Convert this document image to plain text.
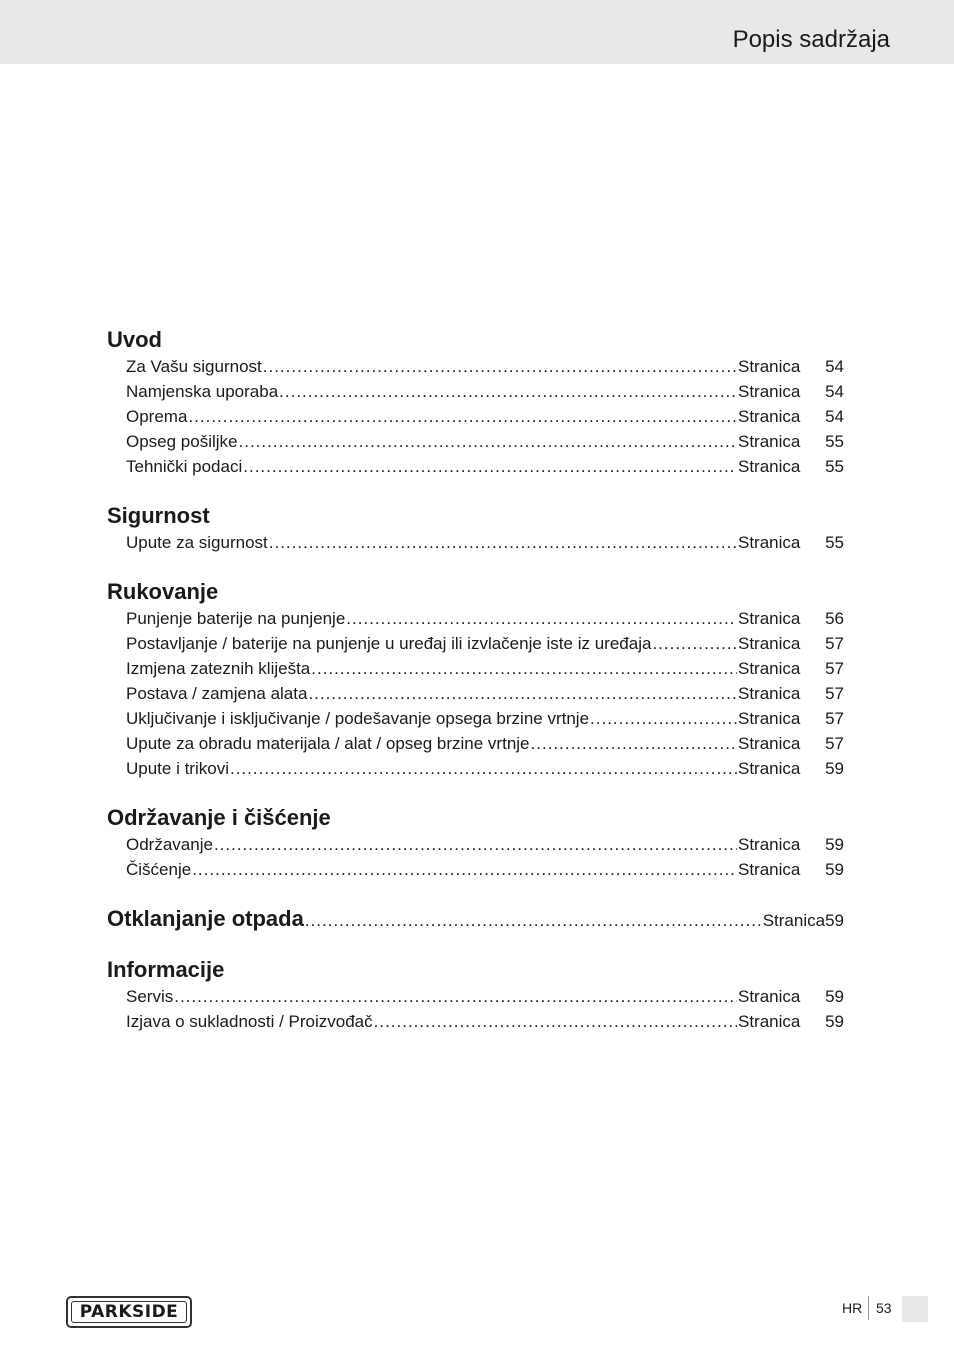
Popis sadržaja
Uvod
Za Vašu sigurnost .....	Stranica	54
Namjenska uporaba .....	Stranica	54
Oprema .....	Stranica	54
Opseg pošiljke .....	Stranica	55
Tehnički podaci .....	Stranica	55
Sigurnost
Upute za sigurnost .....	Stranica	55
Rukovanje
Punjenje baterije na punjenje .....	Stranica	56
Postavljanje / baterije na punjenje u uređaj ili izvlačenje iste iz uređaja .....	Stranica	57
Izmjena zateznih kliješta .....	Stranica	57
Postava / zamjena alata .....	Stranica	57
Uključivanje i isključivanje / podešavanje opsega brzine vrtnje .....	Stranica	57
Upute za obradu materijala / alat / opseg brzine vrtnje .....	Stranica	57
Upute i trikovi .....	Stranica	59
Održavanje i čišćenje
Održavanje .....	Stranica	59
Čišćenje .....	Stranica	59
Otklanjanje otpada .....	Stranica 59
Informacije
Servis .....	Stranica	59
Izjava o sukladnosti / Proizvođač .....	Stranica	59
PARKSIDE	HR 53
